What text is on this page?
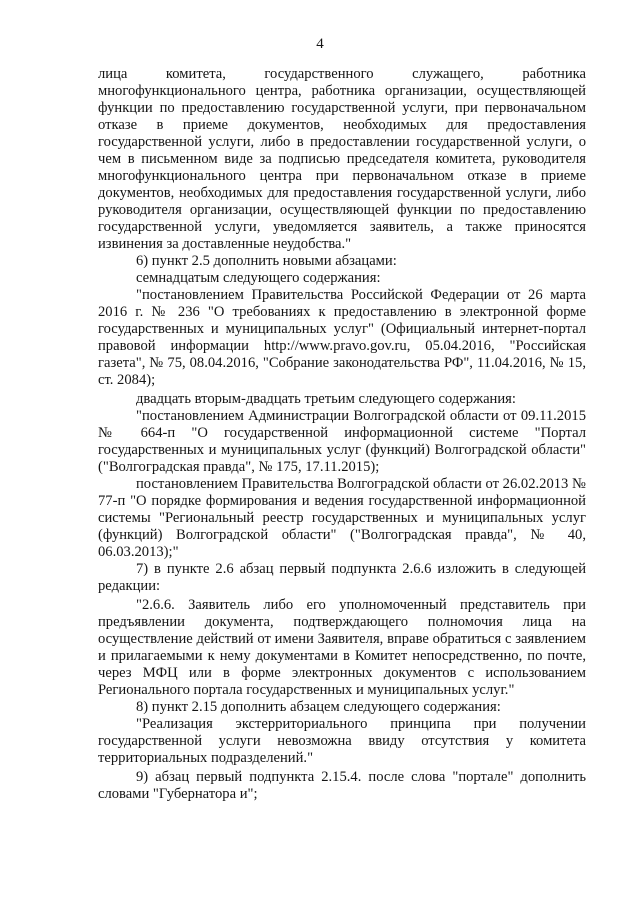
4

лица комитета, государственного служащего, работника многофункционального центра, работника организации, осуществляющей функции по предоставлению государственной услуги, при первоначальном отказе в приеме документов, необходимых для предоставления государственной услуги, либо в предоставлении государственной услуги, о чем в письменном виде за подписью председателя комитета, руководителя многофункционального центра при первоначальном отказе в приеме документов, необходимых для предоставления государственной услуги, либо руководителя организации, осуществляющей функции по предоставлению государственной услуги, уведомляется заявитель, а также приносятся извинения за доставленные неудобства."

6) пункт 2.5 дополнить новыми абзацами:

семнадцатым следующего содержания:

"постановлением Правительства Российской Федерации от 26 марта 2016 г. № 236 "О требованиях к предоставлению в электронной форме государственных и муниципальных услуг" (Официальный интернет-портал правовой информации http://www.pravo.gov.ru, 05.04.2016, "Российская газета", № 75, 08.04.2016, "Собрание законодательства РФ", 11.04.2016, № 15, ст. 2084);

двадцать вторым-двадцать третьим следующего содержания:

"постановлением Администрации Волгоградской области от 09.11.2015 № 664-п "О государственной информационной системе "Портал государственных и муниципальных услуг (функций) Волгоградской области" ("Волгоградская правда", № 175, 17.11.2015);

постановлением Правительства Волгоградской области от 26.02.2013 № 77-п "О порядке формирования и ведения государственной информационной системы "Региональный реестр государственных и муниципальных услуг (функций) Волгоградской области" ("Волгоградская правда", № 40, 06.03.2013);"

7) в пункте 2.6 абзац первый подпункта 2.6.6 изложить в следующей редакции:

"2.6.6. Заявитель либо его уполномоченный представитель при предъявлении документа, подтверждающего полномочия лица на осуществление действий от имени Заявителя, вправе обратиться с заявлением и прилагаемыми к нему документами в Комитет непосредственно, по почте, через МФЦ или в форме электронных документов с использованием Регионального портала государственных и муниципальных услуг."

8) пункт 2.15 дополнить абзацем следующего содержания:

"Реализация экстерриториального принципа при получении государственной услуги невозможна ввиду отсутствия у комитета территориальных подразделений."

9) абзац первый подпункта 2.15.4. после слова "портале" дополнить словами "Губернатора и";
